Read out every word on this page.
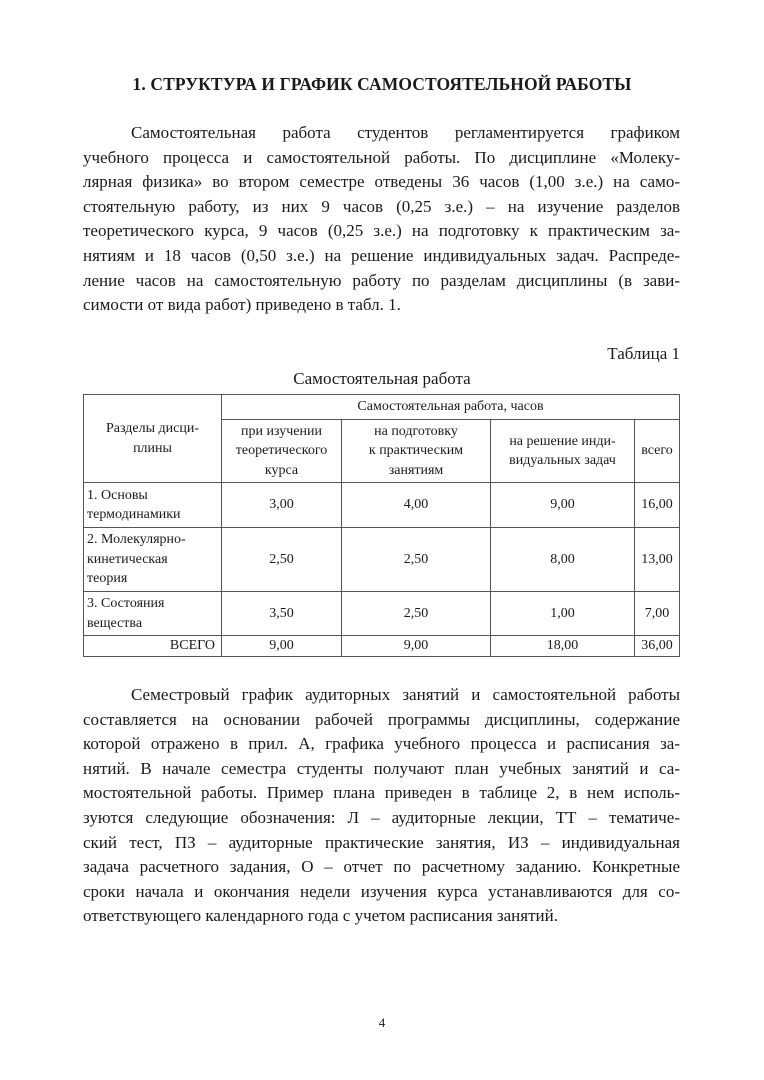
1. СТРУКТУРА И ГРАФИК САМОСТОЯТЕЛЬНОЙ РАБОТЫ
Самостоятельная работа студентов регламентируется графиком
учебного процесса и самостоятельной работы. По дисциплине «Молеку-
лярная физика» во втором семестре отведены 36 часов (1,00 з.е.) на само-
стоятельную работу, из них 9 часов (0,25 з.е.) – на изучение разделов
теоретического курса, 9 часов (0,25 з.е.) на подготовку к практическим за-
нятиям и 18 часов (0,50 з.е.) на решение индивидуальных задач. Распреде-
ление часов на самостоятельную работу по разделам дисциплины (в зави-
симости от вида работ) приведено в табл. 1.
Таблица 1
Самостоятельная работа
Разделы дисци-
плины	Самостоятельная работа, часов			
	при изучении
теоретического
курса	на подготовку
к практическим
занятиям	на решение инди-
видуальных задач	всего
1. Основы
термодинамики	3,00	4,00	9,00	16,00
2. Молекулярно-
кинетическая
теория	2,50	2,50	8,00	13,00
3. Состояния
вещества	3,50	2,50	1,00	7,00
ВСЕГО	9,00	9,00	18,00	36,00
Семестровый график аудиторных занятий и самостоятельной работы
составляется на основании рабочей программы дисциплины, содержание
которой отражено в прил. А, графика учебного процесса и расписания за-
нятий. В начале семестра студенты получают план учебных занятий и са-
мостоятельной работы. Пример плана приведен в таблице 2, в нем исполь-
зуются следующие обозначения: Л – аудиторные лекции, ТТ – тематиче-
ский тест, ПЗ – аудиторные практические занятия, ИЗ – индивидуальная
задача расчетного задания, О – отчет по расчетному заданию. Конкретные
сроки начала и окончания недели изучения курса устанавливаются для со-
ответствующего календарного года с учетом расписания занятий.
4
